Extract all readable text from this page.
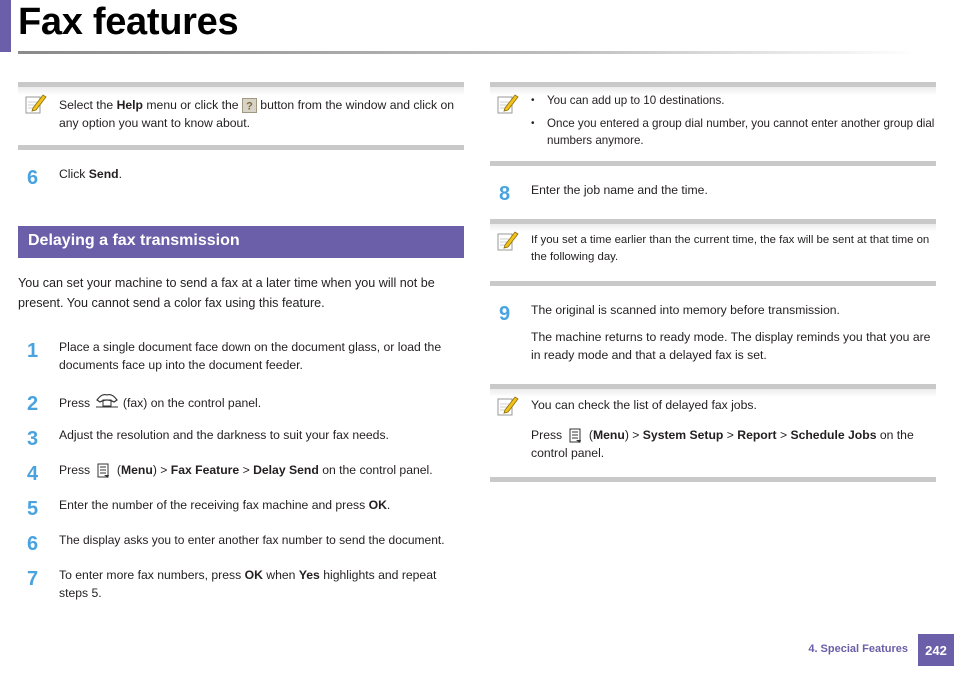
Fax features
Select the Help menu or click the ? button from the window and click on any option you want to know about.
6 Click Send.
Delaying a fax transmission
You can set your machine to send a fax at a later time when you will not be present. You cannot send a color fax using this feature.
1 Place a single document face down on the document glass, or load the documents face up into the document feeder.
2 Press  (fax) on the control panel.
3 Adjust the resolution and the darkness to suit your fax needs.
4 Press  (Menu) > Fax Feature > Delay Send on the control panel.
5 Enter the number of the receiving fax machine and press OK.
6 The display asks you to enter another fax number to send the document.
7 To enter more fax numbers, press OK when Yes highlights and repeat steps 5.
• You can add up to 10 destinations.
• Once you entered a group dial number, you cannot enter another group dial numbers anymore.
8 Enter the job name and the time.
If you set a time earlier than the current time, the fax will be sent at that time on the following day.
9 The original is scanned into memory before transmission.
The machine returns to ready mode. The display reminds you that you are in ready mode and that a delayed fax is set.
You can check the list of delayed fax jobs.
Press  (Menu) > System Setup > Report > Schedule Jobs on the control panel.
4. Special Features	242
